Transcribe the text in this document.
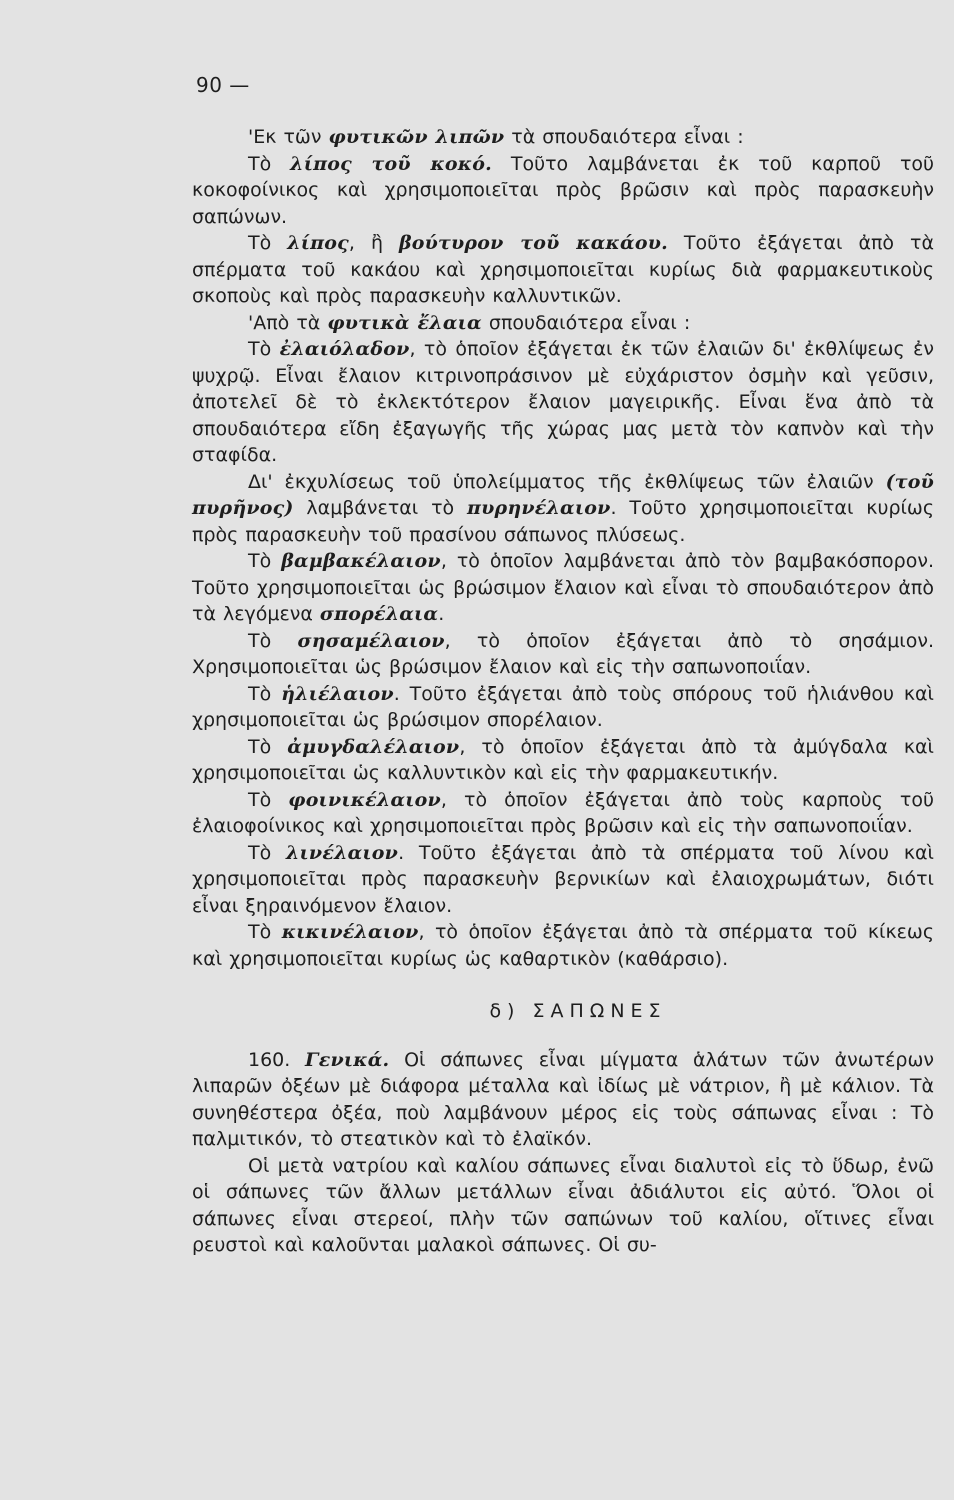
90 —

'Εκ τῶν φυτικῶν λιπῶν τὰ σπουδαιότερα εἶναι :

Τὸ λίπος τοῦ κοκό. Τοῦτο λαμβάνεται ἐκ τοῦ καρποῦ τοῦ κοκοφοίνικος καὶ χρησιμοποιεῖται πρὸς βρῶσιν καὶ πρὸς παρασκευὴν σαπώνων.

Τὸ λίπος, ἢ βούτυρον τοῦ κακάου. Τοῦτο ἐξάγεται ἀπὸ τὰ σπέρματα τοῦ κακάου καὶ χρησιμοποιεῖται κυρίως διὰ φαρμακευτικοὺς σκοποὺς καὶ πρὸς παρασκευὴν καλλυντικῶν.

'Απὸ τὰ φυτικὰ ἔλαια σπουδαιότερα εἶναι :

Τὸ ἐλαιόλαδον, τὸ ὁποῖον ἐξάγεται ἐκ τῶν ἐλαιῶν δι' ἐκθλίψεως ἐν ψυχρῷ. Εἶναι ἔλαιον κιτρινοπράσινον μὲ εὐχάριστον ὀσμὴν καὶ γεῦσιν, ἀποτελεῖ δὲ τὸ ἐκλεκτότερον ἔλαιον μαγειρικῆς. Εἶναι ἕνα ἀπὸ τὰ σπουδαιότερα εἴδη ἐξαγωγῆς τῆς χώρας μας μετὰ τὸν καπνὸν καὶ τὴν σταφίδα.

Δι' ἐκχυλίσεως τοῦ ὑπολείμματος τῆς ἐκθλίψεως τῶν ἐλαιῶν (τοῦ πυρῆνος) λαμβάνεται τὸ πυρηνέλαιον. Τοῦτο χρησιμοποιεῖται κυρίως πρὸς παρασκευὴν τοῦ πρασίνου σάπωνος πλύσεως.

Τὸ βαμβακέλαιον, τὸ ὁποῖον λαμβάνεται ἀπὸ τὸν βαμβακόσπορον. Τοῦτο χρησιμοποιεῖται ὡς βρώσιμον ἔλαιον καὶ εἶναι τὸ σπουδαιότερον ἀπὸ τὰ λεγόμενα σπορέλαια.

Τὸ σησαμέλαιον, τὸ ὁποῖον ἐξάγεται ἀπὸ τὸ σησάμιον. Χρησιμοποιεῖται ὡς βρώσιμον ἔλαιον καὶ εἰς τὴν σαπωνοποιΐαν.

Τὸ ἡλιέλαιον. Τοῦτο ἐξάγεται ἀπὸ τοὺς σπόρους τοῦ ἡλιάνθου καὶ χρησιμοποιεῖται ὡς βρώσιμον σπορέλαιον.

Τὸ ἀμυγδαλέλαιον, τὸ ὁποῖον ἐξάγεται ἀπὸ τὰ ἀμύγδαλα καὶ χρησιμοποιεῖται ὡς καλλυντικὸν καὶ εἰς τὴν φαρμακευτικήν.

Τὸ φοινικέλαιον, τὸ ὁποῖον ἐξάγεται ἀπὸ τοὺς καρποὺς τοῦ ἐλαιοφοίνικος καὶ χρησιμοποιεῖται πρὸς βρῶσιν καὶ εἰς τὴν σαπωνοποιΐαν.

Τὸ λινέλαιον. Τοῦτο ἐξάγεται ἀπὸ τὰ σπέρματα τοῦ λίνου καὶ χρησιμοποιεῖται πρὸς παρασκευὴν βερνικίων καὶ ἐλαιοχρωμάτων, διότι εἶναι ξηραινόμενον ἔλαιον.

Τὸ κικινέλαιον, τὸ ὁποῖον ἐξάγεται ἀπὸ τὰ σπέρματα τοῦ κίκεως καὶ χρησιμοποιεῖται κυρίως ὡς καθαρτικὸν (καθάρσιο).

δ) ΣΑΠΩΝΕΣ

160. Γενικά. Οἱ σάπωνες εἶναι μίγματα ἁλάτων τῶν ἀνωτέρων λιπαρῶν ὀξέων μὲ διάφορα μέταλλα καὶ ἰδίως μὲ νάτριον, ἢ μὲ κάλιον. Τὰ συνηθέστερα ὀξέα, ποὺ λαμβάνουν μέρος εἰς τοὺς σάπωνας εἶναι : Τὸ παλμιτικόν, τὸ στεατικὸν καὶ τὸ ἐλαϊκόν.

Οἱ μετὰ νατρίου καὶ καλίου σάπωνες εἶναι διαλυτοὶ εἰς τὸ ὕδωρ, ἐνῶ οἱ σάπωνες τῶν ἄλλων μετάλλων εἶναι ἀδιάλυτοι εἰς αὐτό. Ὅλοι οἱ σάπωνες εἶναι στερεοί, πλὴν τῶν σαπώνων τοῦ καλίου, οἵτινες εἶναι ρευστοὶ καὶ καλοῦνται μαλακοὶ σάπωνες. Οἱ συ-
